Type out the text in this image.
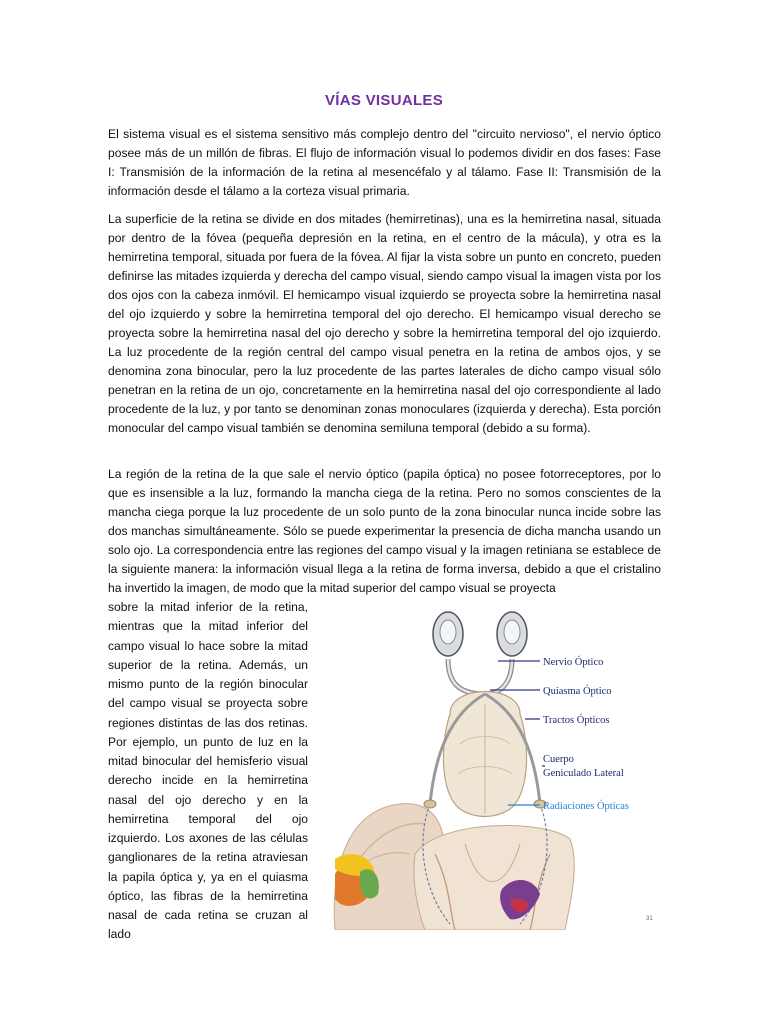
VÍAS VISUALES

El sistema visual es el sistema sensitivo más complejo dentro del "circuito nervioso", el nervio óptico posee más de un millón de fibras. El flujo de información visual lo podemos dividir en dos fases: Fase I: Transmisión de la información de la retina al mesencéfalo y al tálamo. Fase II: Transmisión de la información desde el tálamo a la corteza visual primaria.

La superficie de la retina se divide en dos mitades (hemirretinas), una es la hemirretina nasal, situada por dentro de la fóvea (pequeña depresión en la retina, en el centro de la mácula), y otra es la hemirretina temporal, situada por fuera de la fóvea. Al fijar la vista sobre un punto en concreto, pueden definirse las mitades izquierda y derecha del campo visual, siendo campo visual la imagen vista por los dos ojos con la cabeza inmóvil. El hemicampo visual izquierdo se proyecta sobre la hemirretina nasal del ojo izquierdo y sobre la hemirretina temporal del ojo derecho. El hemicampo visual derecho se proyecta sobre la hemirretina nasal del ojo derecho y sobre la hemirretina temporal del ojo izquierdo. La luz procedente de la región central del campo visual penetra en la retina de ambos ojos, y se denomina zona binocular, pero la luz procedente de las partes laterales de dicho campo visual sólo penetran en la retina de un ojo, concretamente en la hemirretina nasal del ojo correspondiente al lado procedente de la luz, y por tanto se denominan zonas monoculares (izquierda y derecha). Esta porción monocular del campo visual también se denomina semiluna temporal (debido a su forma).

La región de la retina de la que sale el nervio óptico (papila óptica) no posee fotorreceptores, por lo que es insensible a la luz, formando la mancha ciega de la retina. Pero no somos conscientes de la mancha ciega porque la luz procedente de un solo punto de la zona binocular nunca incide sobre las dos manchas simultáneamente. Sólo se puede experimentar la presencia de dicha mancha usando un solo ojo. La correspondencia entre las regiones del campo visual y la imagen retiniana se establece de la siguiente manera: la información visual llega a la retina de forma inversa, debido a que el cristalino ha invertido la imagen, de modo que la mitad superior del campo visual se proyecta

sobre la mitad inferior de la retina, mientras que la mitad inferior del campo visual lo hace sobre la mitad superior de la retina. Además, un mismo punto de la región binocular del campo visual se proyecta sobre regiones distintas de las dos retinas. Por ejemplo, un punto de luz en la mitad binocular del hemisferio visual derecho incide en la hemirretina nasal del ojo derecho y en la hemirretina temporal del ojo izquierdo. Los axones de las células ganglionares de la retina atraviesan la papila óptica y, ya en el quiasma óptico, las fibras de la hemirretina nasal de cada retina se cruzan al lado

Nervio Óptico
Quiasma Óptico
Tractos Ópticos
Cuerpo
Geniculado Lateral
Radiaciones Ópticas
31
